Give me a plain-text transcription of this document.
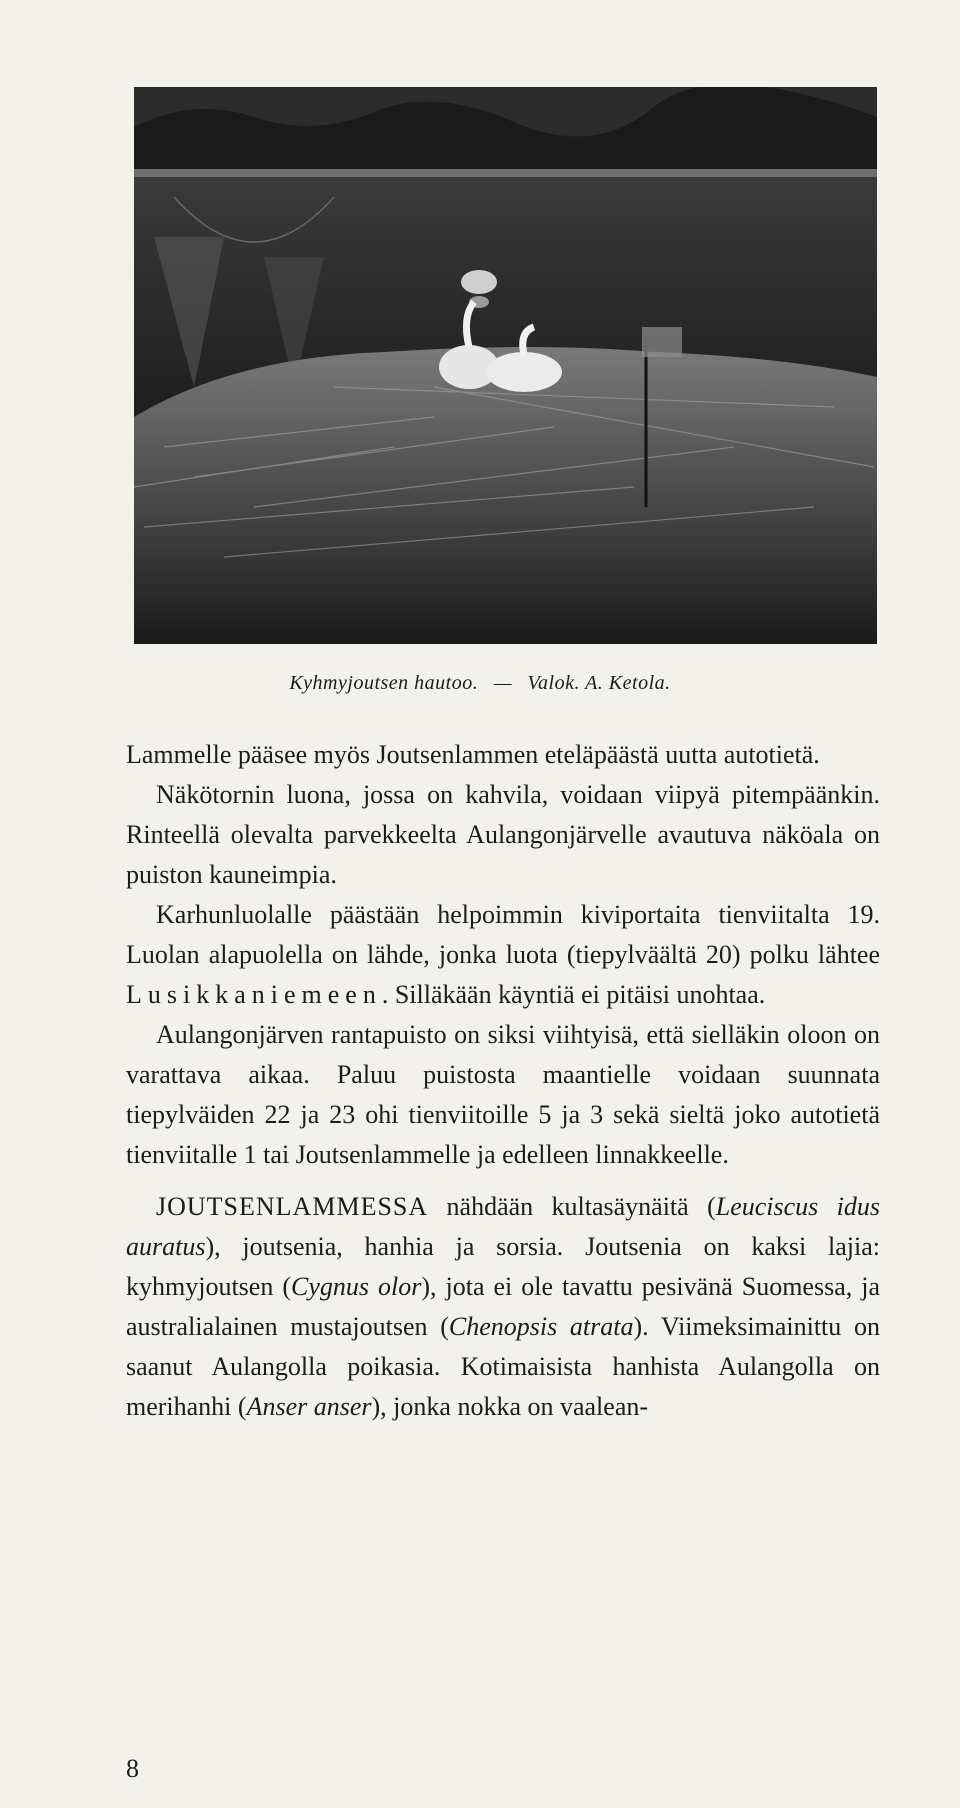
Kyhmyjoutsen hautoo. — Valok. A. Ketola.

Lammelle pääsee myös Joutsenlammen eteläpäästä uutta autotietä.

Näkötornin luona, jossa on kahvila, voidaan viipyä pitempäänkin. Rinteellä olevalta parvekkeelta Aulangonjärvelle avautuva näköala on puiston kauneimpia.

Karhunluolalle päästään helpoimmin kiviportaita tienviitalta 19. Luolan alapuolella on lähde, jonka luota (tiepylväältä 20) polku lähtee Lusikkaniemeen. Silläkään käyntiä ei pitäisi unohtaa.

Aulangonjärven rantapuisto on siksi viihtyisä, että sielläkin oloon on varattava aikaa. Paluu puistosta maantielle voidaan suunnata tiepylväiden 22 ja 23 ohi tienviitoille 5 ja 3 sekä sieltä joko autotietä tienviitalle 1 tai Joutsenlammelle ja edelleen linnakkeelle.

JOUTSENLAMMESSA nähdään kultasäynäitä (Leuciscus idus auratus), joutsenia, hanhia ja sorsia. Joutsenia on kaksi lajia: kyhmyjoutsen (Cygnus olor), jota ei ole tavattu pesivänä Suomessa, ja australialainen mustajoutsen (Chenopsis atrata). Viimeksimainittu on saanut Aulangolla poikasia. Kotimaisista hanhista Aulangolla on merihanhi (Anser anser), jonka nokka on vaalean-

8
